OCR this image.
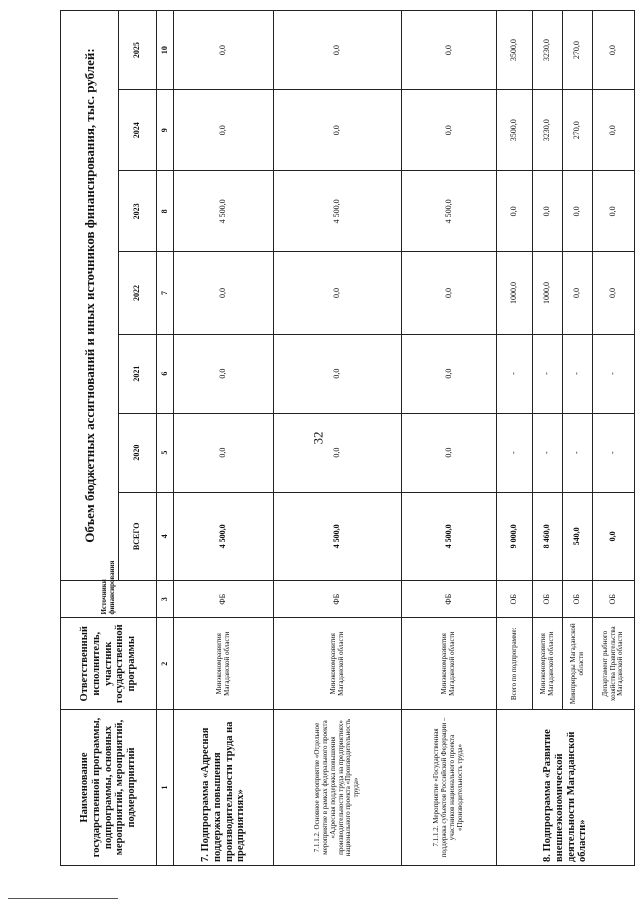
32
Наименование государственной программы, подпрограммы, основных мероприятий, мероприятий, подмероприятий	Ответственный исполнитель, участник государственной программы	Источники финансирования	Объем бюджетных ассигнований и иных источников финансирования, тыс. рублей:						
			ВСЕГО	2020	2021	2022	2023	2024	2025
1	2	3	4	5	6	7	8	9	10
7. Подпрограмма «Адресная поддержка повышения производительности труда на предприятиях»	Минэкономразвития Магаданской области	ФБ	4 500,0	0,0	0,0	0,0	4 500,0	0,0	0,0
7.1.1.2. Основное мероприятие «Отдельное мероприятие в рамках федерального проекта «Адресная поддержка повышения производительности труда на предприятиях» национального проекта «Производительность труда»	Минэкономразвития Магаданской области	ФБ	4 500,0	0,0	0,0	0,0	4 500,0	0,0	0,0
7.1.1.2. Мероприятие «Государственная поддержка субъектов Российской Федерации – участников национального проекта «Производительность труда»	Минэкономразвития Магаданской области	ФБ	4 500,0	0,0	0,0	0,0	4 500,0	0,0	0,0
8. Подпрограмма «Развитие внешнеэкономической деятельности Магаданской области»	Всего по подпрограмме:	ОБ	9 000,0	-	-	1000,0	0,0	3500,0	3500,0
	Минэкономразвития Магаданской области	ОБ	8 460,0	-	-	1000,0	0,0	3230,0	3230,0
	Минприроды Магаданской области	ОБ	540,0	-	-	0,0	0,0	270,0	270,0
	Департамент рыбного хозяйства Правительства Магаданской области	ОБ	0,0	-	-	0,0	0,0	0,0	0,0
